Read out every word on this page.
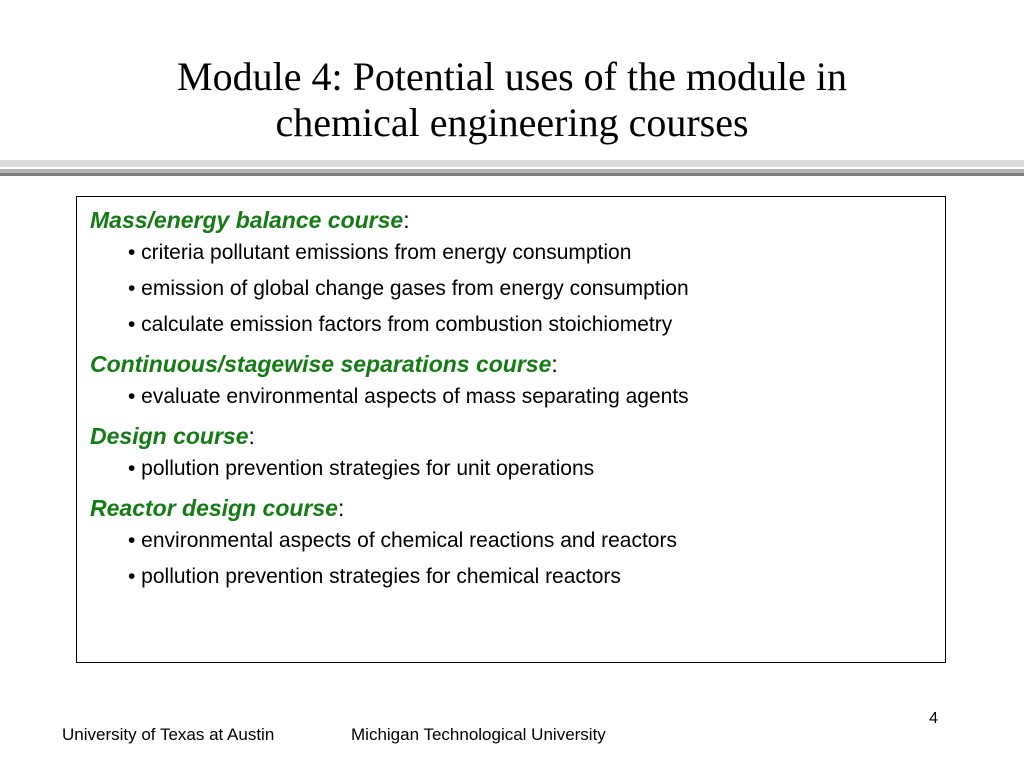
Module 4: Potential uses of the module in
chemical engineering courses
Mass/energy balance course:
• criteria pollutant emissions from energy consumption
• emission of global change gases from energy consumption
• calculate emission factors from combustion stoichiometry
Continuous/stagewise separations course:
• evaluate environmental aspects of mass separating agents
Design course:
• pollution prevention strategies for unit operations
Reactor design course:
• environmental aspects of chemical reactions and reactors
• pollution prevention strategies for chemical reactors
4
University of Texas at Austin	Michigan Technological University
